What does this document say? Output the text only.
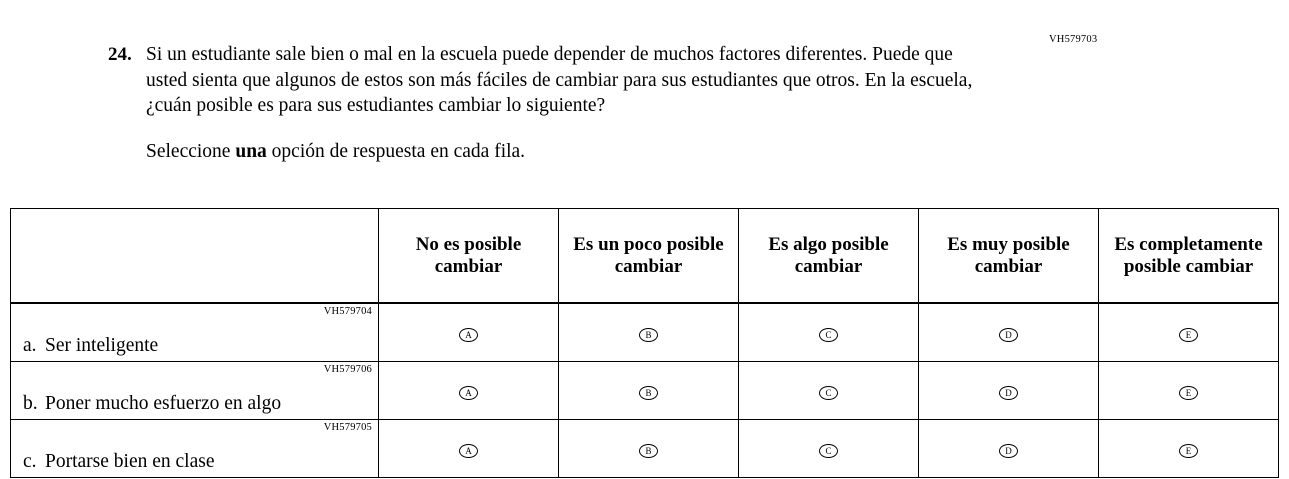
VH579703
24. Si un estudiante sale bien o mal en la escuela puede depender de muchos factores diferentes. Puede que usted sienta que algunos de estos son más fáciles de cambiar para sus estudiantes que otros. En la escuela, ¿cuán posible es para sus estudiantes cambiar lo siguiente?
Seleccione una opción de respuesta en cada fila.
	No es posible cambiar	Es un poco posible cambiar	Es algo posible cambiar	Es muy posible cambiar	Es completamente posible cambiar

VH579704
a. Ser inteligente	A	B	C	D	E

VH579706
b. Poner mucho esfuerzo en algo	A	B	C	D	E

VH579705
c. Portarse bien en clase	A	B	C	D	E
